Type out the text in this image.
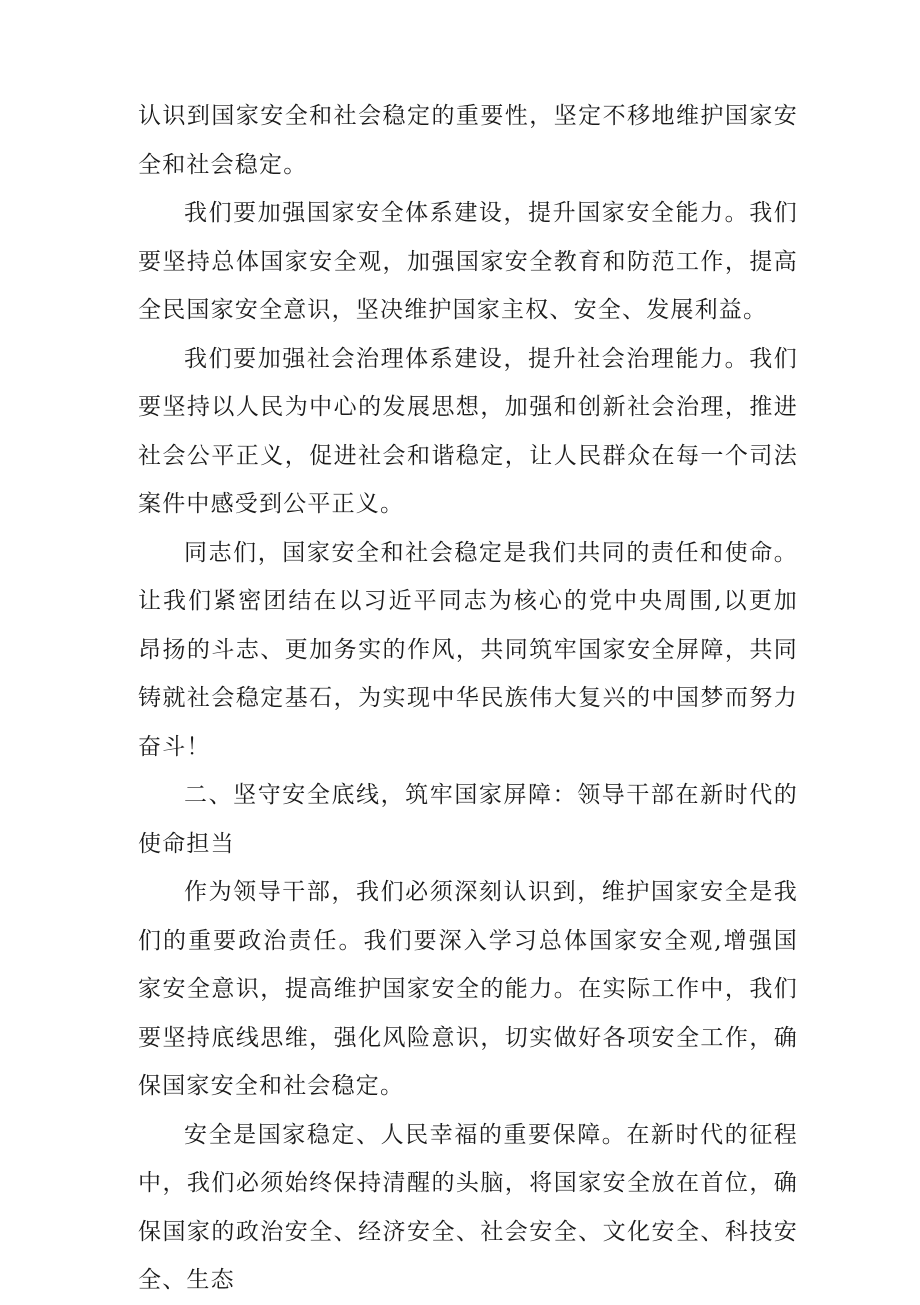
认识到国家安全和社会稳定的重要性，坚定不移地维护国家安全和社会稳定。

我们要加强国家安全体系建设，提升国家安全能力。我们要坚持总体国家安全观，加强国家安全教育和防范工作，提高全民国家安全意识，坚决维护国家主权、安全、发展利益。

我们要加强社会治理体系建设，提升社会治理能力。我们要坚持以人民为中心的发展思想，加强和创新社会治理，推进社会公平正义，促进社会和谐稳定，让人民群众在每一个司法案件中感受到公平正义。

同志们，国家安全和社会稳定是我们共同的责任和使命。让我们紧密团结在以习近平同志为核心的党中央周围,以更加昂扬的斗志、更加务实的作风，共同筑牢国家安全屏障，共同铸就社会稳定基石，为实现中华民族伟大复兴的中国梦而努力奋斗！

二、坚守安全底线，筑牢国家屏障：领导干部在新时代的使命担当

作为领导干部，我们必须深刻认识到，维护国家安全是我们的重要政治责任。我们要深入学习总体国家安全观,增强国家安全意识，提高维护国家安全的能力。在实际工作中，我们要坚持底线思维，强化风险意识，切实做好各项安全工作，确保国家安全和社会稳定。

安全是国家稳定、人民幸福的重要保障。在新时代的征程中，我们必须始终保持清醒的头脑，将国家安全放在首位，确保国家的政治安全、经济安全、社会安全、文化安全、科技安全、生态
